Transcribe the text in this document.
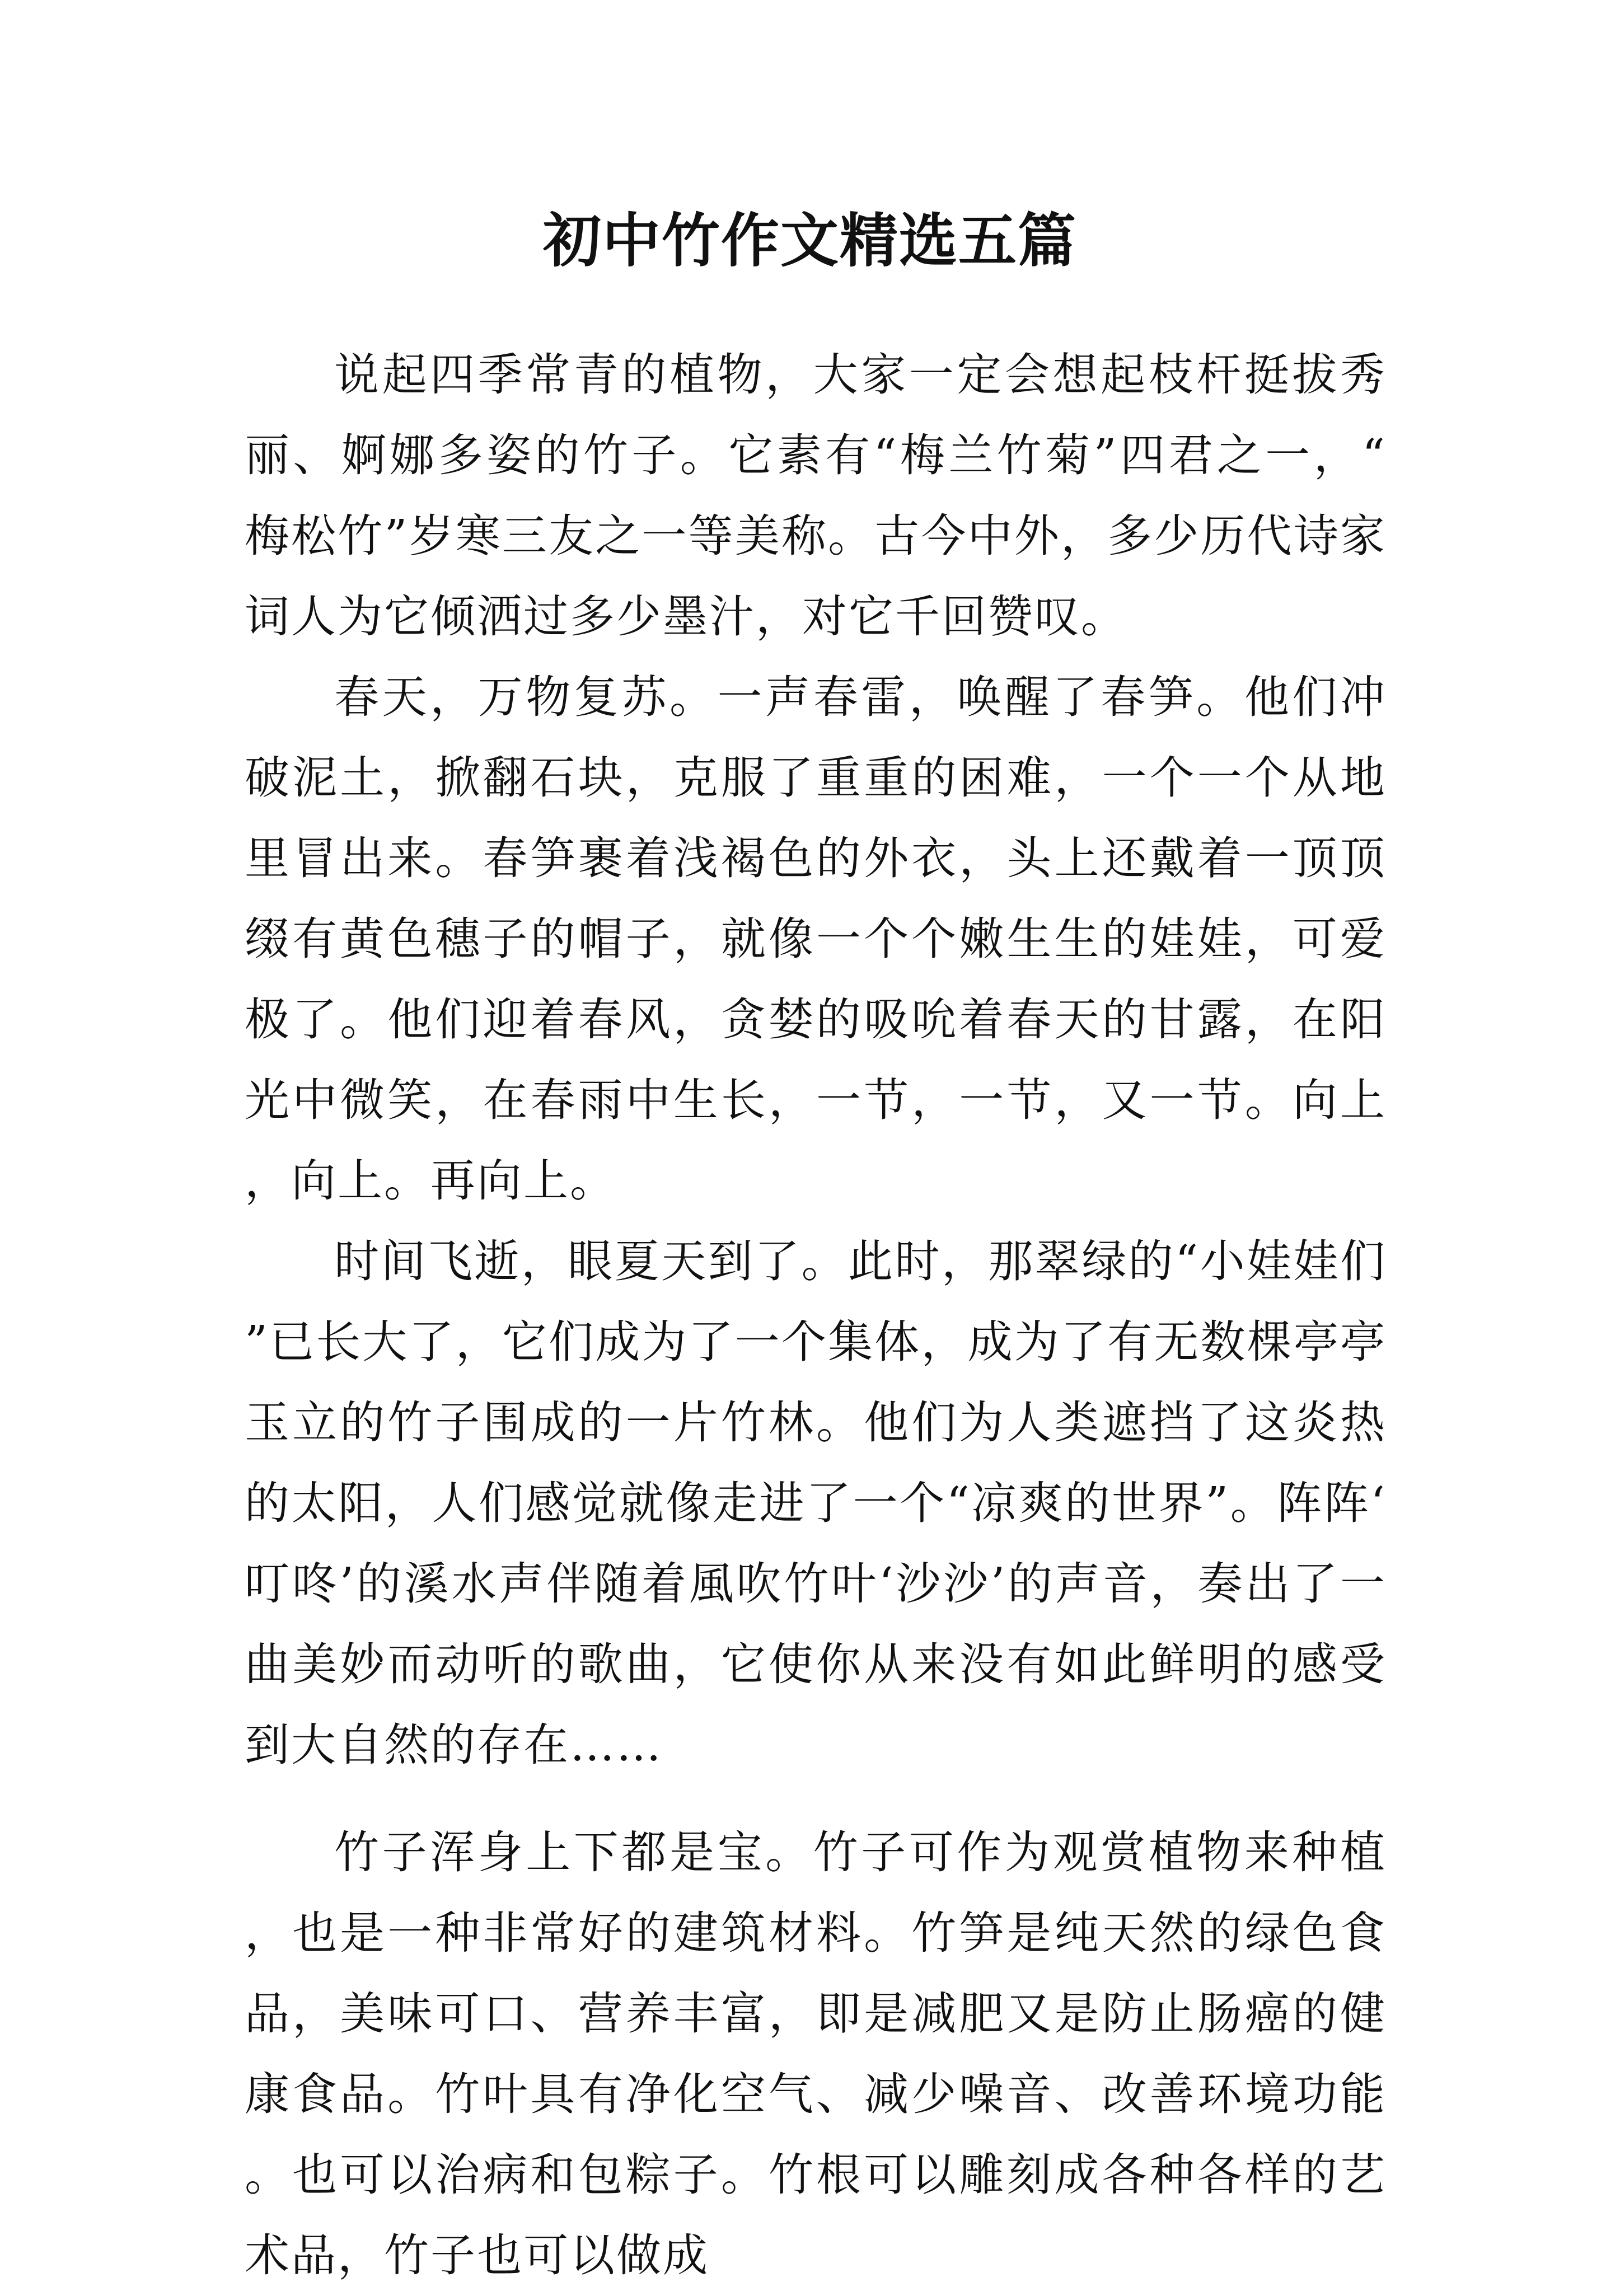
初中竹作文精选五篇

说起四季常青的植物，大家一定会想起枝杆挺拔秀丽、婀娜多姿的竹子。它素有“梅兰竹菊”四君之一，“梅松竹”岁寒三友之一等美称。古今中外，多少历代诗家词人为它倾洒过多少墨汁，对它千回赞叹。

春天，万物复苏。一声春雷，唤醒了春笋。他们冲破泥土，掀翻石块，克服了重重的困难，一个一个从地里冒出来。春笋裹着浅褐色的外衣，头上还戴着一顶顶缀有黄色穗子的帽子，就像一个个嫩生生的娃娃，可爱极了。他们迎着春风，贪婪的吸吮着春天的甘露，在阳光中微笑，在春雨中生长，一节，一节，又一节。向上，向上。再向上。

时间飞逝，眼夏天到了。此时，那翠绿的“小娃娃们”已长大了，它们成为了一个集体，成为了有无数棵亭亭玉立的竹子围成的一片竹林。他们为人类遮挡了这炎热的太阳，人们感觉就像走进了一个“凉爽的世界”。阵阵‘叮咚’的溪水声伴随着風吹竹叶‘沙沙’的声音，奏出了一曲美妙而动听的歌曲，它使你从来没有如此鲜明的感受到大自然的存在……

竹子浑身上下都是宝。竹子可作为观赏植物来种植，也是一种非常好的建筑材料。竹笋是纯天然的绿色食品，美味可口、营养丰富，即是减肥又是防止肠癌的健康食品。竹叶具有净化空气、减少噪音、改善环境功能。也可以治病和包粽子。竹根可以雕刻成各种各样的艺术品，竹子也可以做成
